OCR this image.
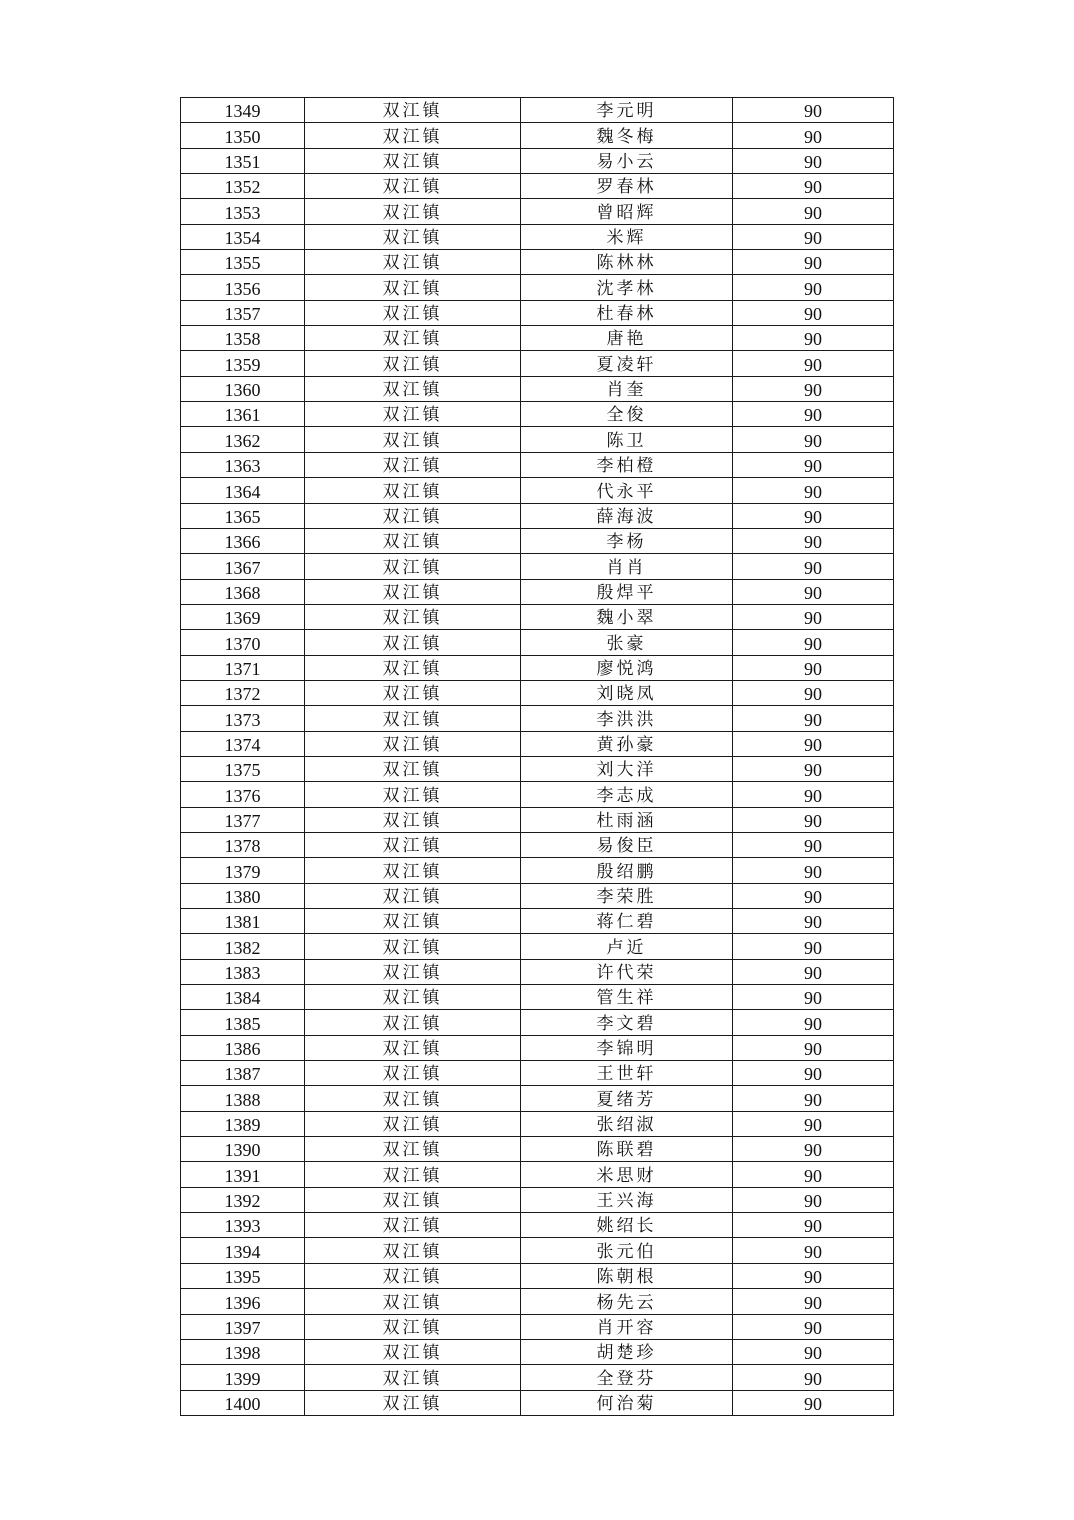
1349	双江镇	李元明	90
1350	双江镇	魏冬梅	90
1351	双江镇	易小云	90
1352	双江镇	罗春林	90
1353	双江镇	曾昭辉	90
1354	双江镇	米辉	90
1355	双江镇	陈林林	90
1356	双江镇	沈孝林	90
1357	双江镇	杜春林	90
1358	双江镇	唐艳	90
1359	双江镇	夏凌轩	90
1360	双江镇	肖奎	90
1361	双江镇	全俊	90
1362	双江镇	陈卫	90
1363	双江镇	李柏橙	90
1364	双江镇	代永平	90
1365	双江镇	薛海波	90
1366	双江镇	李杨	90
1367	双江镇	肖肖	90
1368	双江镇	殷焊平	90
1369	双江镇	魏小翠	90
1370	双江镇	张豪	90
1371	双江镇	廖悦鸿	90
1372	双江镇	刘晓凤	90
1373	双江镇	李洪洪	90
1374	双江镇	黄孙豪	90
1375	双江镇	刘大洋	90
1376	双江镇	李志成	90
1377	双江镇	杜雨涵	90
1378	双江镇	易俊臣	90
1379	双江镇	殷绍鹏	90
1380	双江镇	李荣胜	90
1381	双江镇	蒋仁碧	90
1382	双江镇	卢近	90
1383	双江镇	许代荣	90
1384	双江镇	管生祥	90
1385	双江镇	李文碧	90
1386	双江镇	李锦明	90
1387	双江镇	王世轩	90
1388	双江镇	夏绪芳	90
1389	双江镇	张绍淑	90
1390	双江镇	陈联碧	90
1391	双江镇	米思财	90
1392	双江镇	王兴海	90
1393	双江镇	姚绍长	90
1394	双江镇	张元伯	90
1395	双江镇	陈朝根	90
1396	双江镇	杨先云	90
1397	双江镇	肖开容	90
1398	双江镇	胡楚珍	90
1399	双江镇	全登芬	90
1400	双江镇	何治菊	90
